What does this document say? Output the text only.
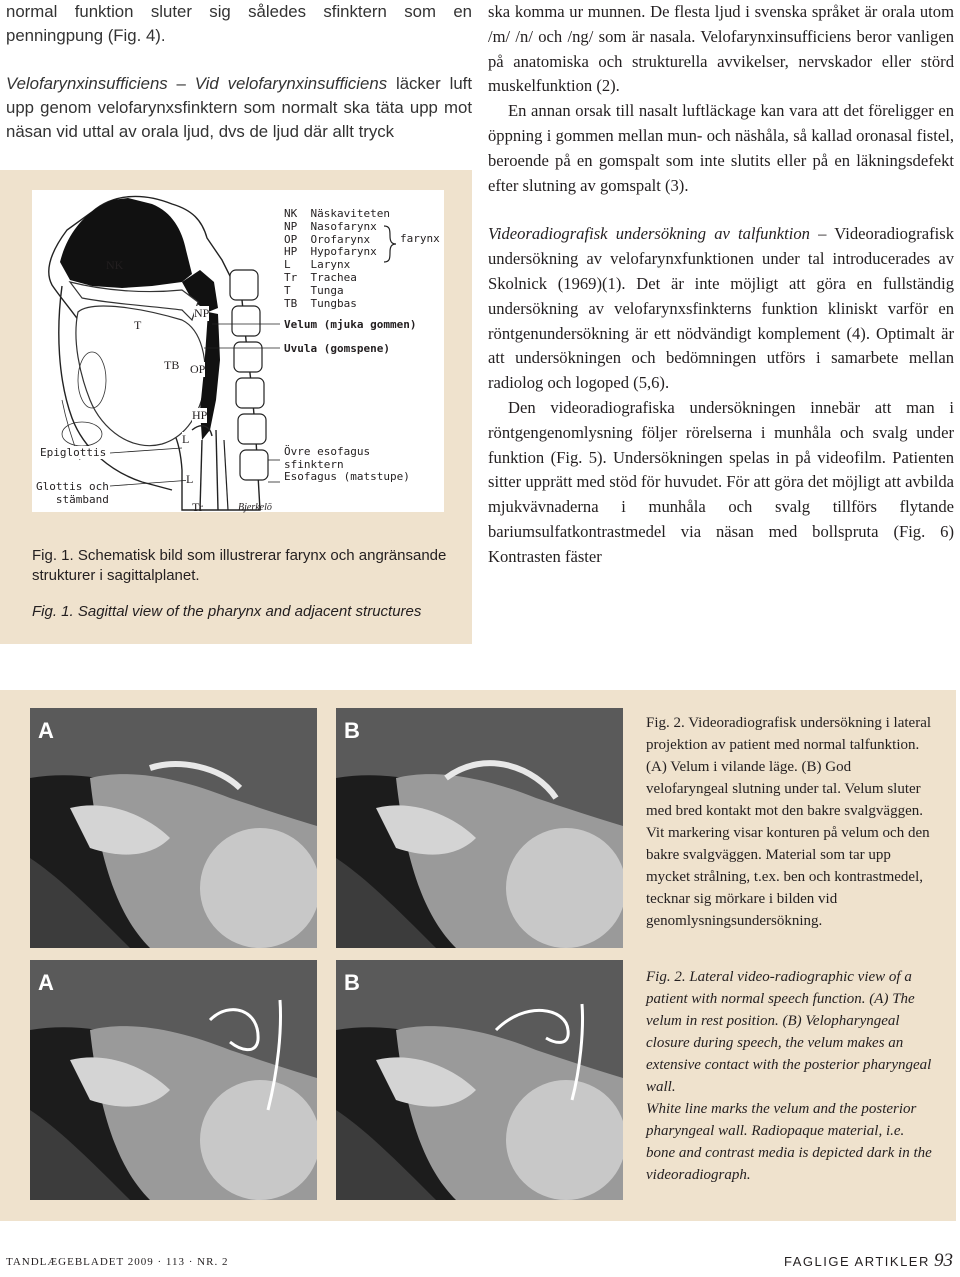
normal funktion sluter sig således sfinktern som en penningpung (Fig. 4).

Velofarynxinsufficiens – Vid velofarynxinsufficiens läcker luft upp genom velofarynxsfinktern som normalt ska täta upp mot näsan vid uttal av orala ljud, dvs de ljud där allt tryck

NK
T
TB
NP
OP
HP
L
L
Tr
Epiglottis
Glottis och
stämband
Bjerkelö
NK Näskaviteten
NP Nasofarynx
OP Orofarynx
HP Hypofarynx
L Larynx
Tr Trachea
T Tunga
TB Tungbas
farynx
Velum (mjuka gommen)
Uvula (gomspene)
Övre esofagus
sfinktern
Esofagus (matstupe)
Fig. 1. Schematisk bild som illustrerar farynx och angränsande strukturer i sagittalplanet.
Fig. 1. Sagittal view of the pharynx and adjacent structures

ska komma ur munnen. De flesta ljud i svenska språket är orala utom /m/ /n/ och /ng/ som är nasala. Velofarynxinsufficiens beror vanligen på anatomiska och strukturella avvikelser, nervskador eller störd muskelfunktion (2).

En annan orsak till nasalt luftläckage kan vara att det föreligger en öppning i gommen mellan mun- och näshåla, så kallad oronasal fistel, beroende på en gomspalt som inte slutits eller på en läkningsdefekt efter slutning av gomspalt (3).

Videoradiografisk undersökning av talfunktion – Videoradiografisk undersökning av velofarynxfunktionen under tal introducerades av Skolnick (1969)(1). Det är inte möjligt att göra en fullständig undersökning av velofarynxsfinkterns funktion kliniskt varför en röntgenundersökning är ett nödvändigt komplement (4). Optimalt är att undersökningen och bedömningen utförs i samarbete mellan radiolog och logoped (5,6).

Den videoradiografiska undersökningen innebär att man i röntgengenomlysning följer rörelserna i munhåla och svalg under funktion (Fig. 5). Undersökningen spelas in på videofilm. Patienten sitter upprätt med stöd för huvudet. För att göra det möjligt att avbilda mjukvävnaderna i munhåla och svalg tillförs flytande bariumsulfatkontrastmedel via näsan med bollspruta (Fig. 6) Kontrasten fäster

A	B
A	B
Fig. 2. Videoradiografisk undersökning i lateral projektion av patient med normal talfunktion. (A) Velum i vilande läge. (B) God velofaryngeal slutning under tal. Velum sluter med bred kontakt mot den bakre svalgväggen.
Vit markering visar konturen på velum och den bakre svalgväggen. Material som tar upp mycket strålning, t.ex. ben och kontrastmedel, tecknar sig mörkare i bilden vid genomlysningsundersökning.
Fig. 2. Lateral video-radiographic view of a patient with normal speech function. (A) The velum in rest position. (B) Velopharyngeal closure during speech, the velum makes an extensive contact with the posterior pharyngeal wall.
White line marks the velum and the posterior pharyngeal wall. Radiopaque material, i.e. bone and contrast media is depicted dark in the videoradiograph.
TANDLÆGEBLADET 2009 · 113 · NR. 2	FAGLIGE ARTIKLER 93
